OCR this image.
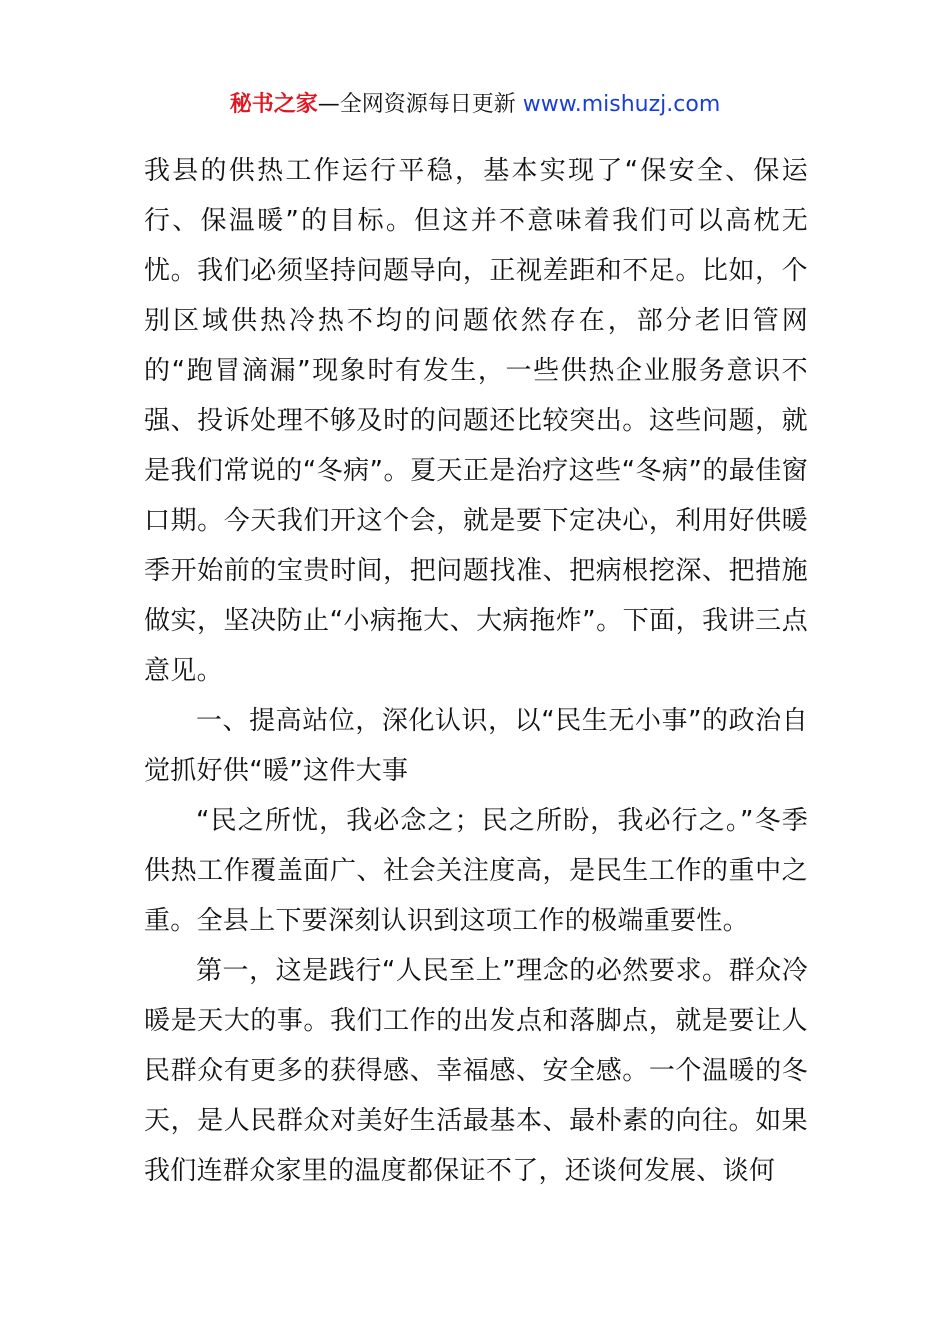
秘书之家—全网资源每日更新 www.mishuzj.com

我县的供热工作运行平稳，基本实现了“保安全、保运行、保温暖”的目标。但这并不意味着我们可以高枕无忧。我们必须坚持问题导向，正视差距和不足。比如，个别区域供热冷热不均的问题依然存在，部分老旧管网的“跑冒滴漏”现象时有发生，一些供热企业服务意识不强、投诉处理不够及时的问题还比较突出。这些问题，就是我们常说的“冬病”。夏天正是治疗这些“冬病”的最佳窗口期。今天我们开这个会，就是要下定决心，利用好供暖季开始前的宝贵时间，把问题找准、把病根挖深、把措施做实，坚决防止“小病拖大、大病拖炸”。下面，我讲三点意见。

一、提高站位，深化认识，以“民生无小事”的政治自觉抓好供“暖”这件大事

“民之所忧，我必念之；民之所盼，我必行之。”冬季供热工作覆盖面广、社会关注度高，是民生工作的重中之重。全县上下要深刻认识到这项工作的极端重要性。

第一，这是践行“人民至上”理念的必然要求。群众冷暖是天大的事。我们工作的出发点和落脚点，就是要让人民群众有更多的获得感、幸福感、安全感。一个温暖的冬天，是人民群众对美好生活最基本、最朴素的向往。如果我们连群众家里的温度都保证不了，还谈何发展、谈何
